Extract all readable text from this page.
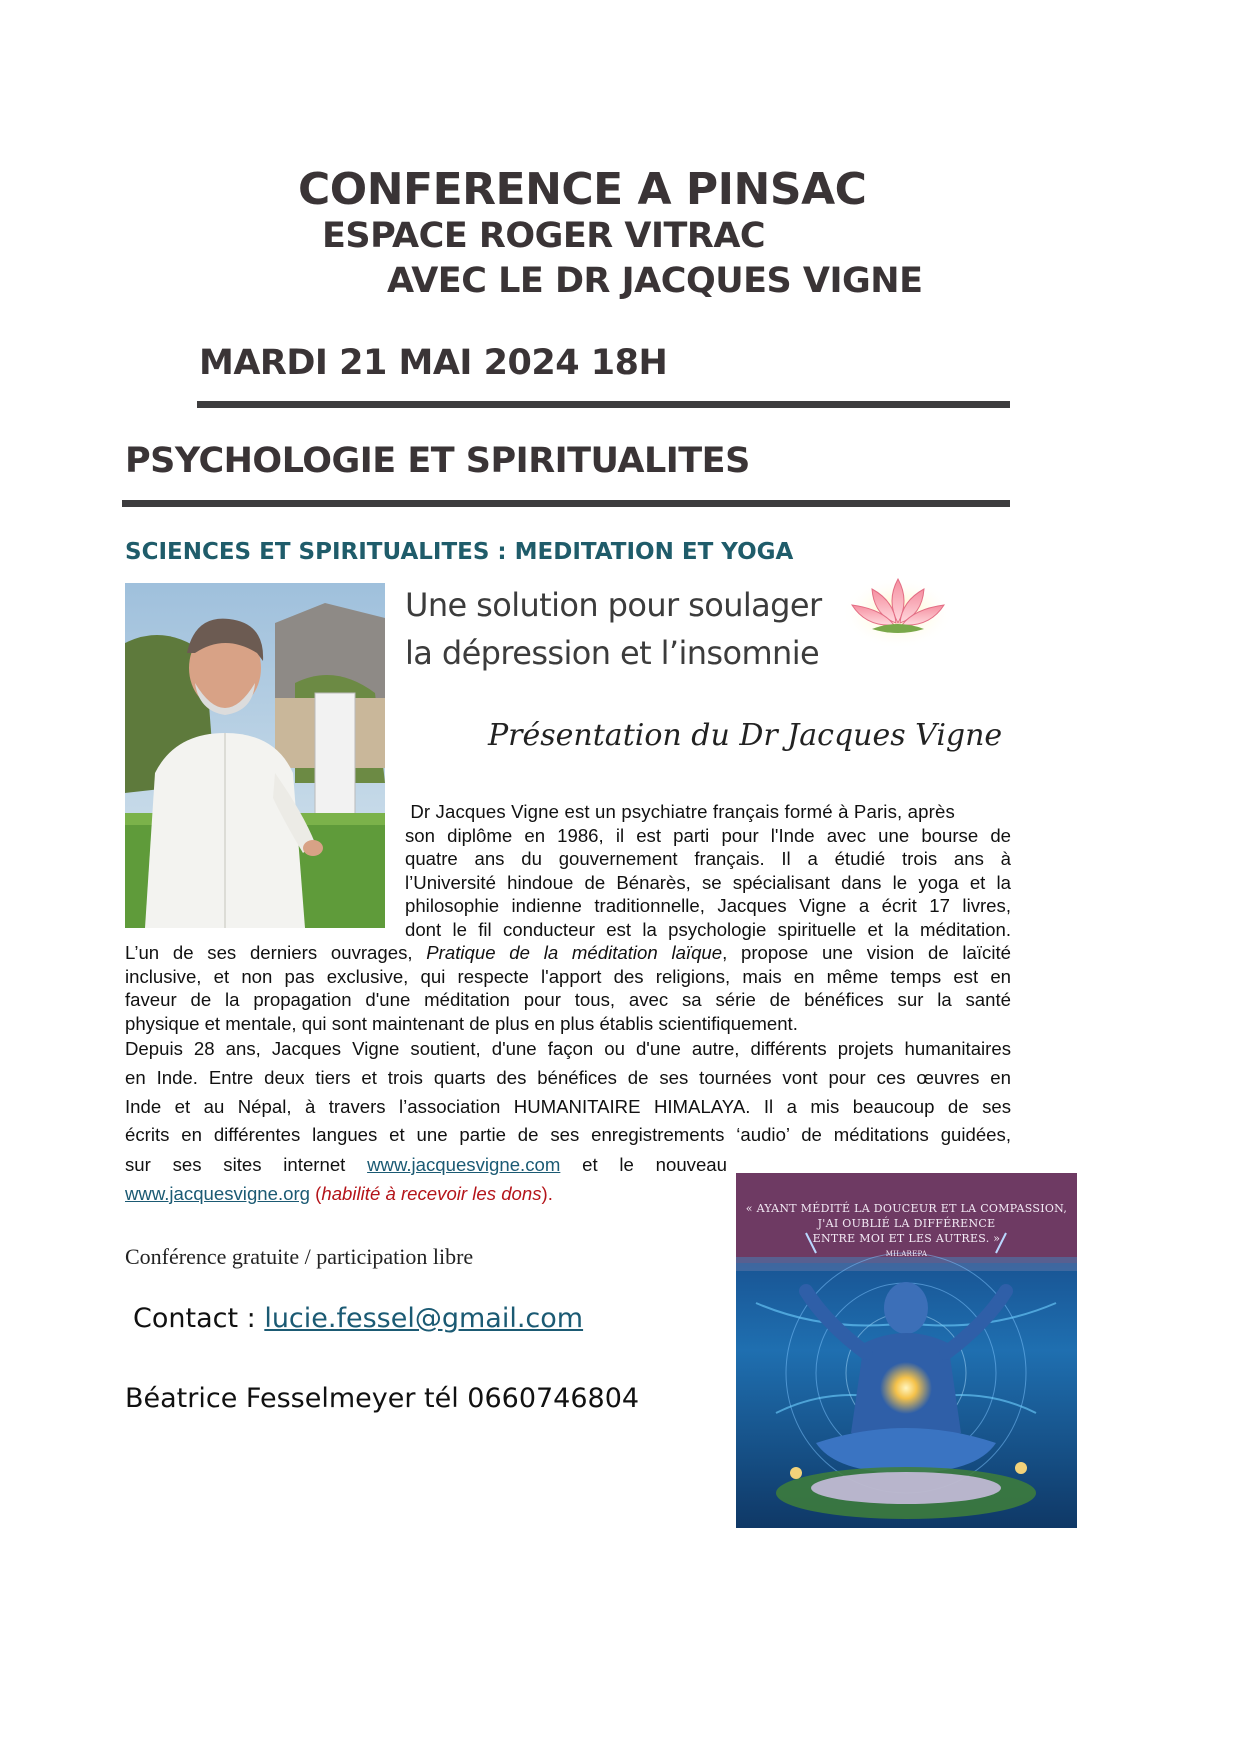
CONFERENCE A PINSAC
ESPACE ROGER VITRAC
AVEC LE DR JACQUES VIGNE
MARDI 21 MAI 2024 18H
PSYCHOLOGIE ET SPIRITUALITES
SCIENCES ET SPIRITUALITES : MEDITATION ET YOGA
Une solution pour soulager
la dépression et l’insomnie
Présentation du Dr Jacques Vigne
Dr Jacques Vigne est un psychiatre français formé à Paris, après
son diplôme en 1986, il est parti pour l'Inde avec une bourse de
quatre ans du gouvernement français. Il a étudié trois ans à
l’Université hindoue de Bénarès, se spécialisant dans le yoga et la
philosophie indienne traditionnelle, Jacques Vigne a écrit 17 livres,
dont le fil conducteur est la psychologie spirituelle et la méditation.
L’un de ses derniers ouvrages, Pratique de la méditation laïque, propose une vision de laïcité
inclusive, et non pas exclusive, qui respecte l'apport des religions, mais en même temps est en
faveur de la propagation d'une méditation pour tous, avec sa série de bénéfices sur la santé
physique et mentale, qui sont maintenant de plus en plus établis scientifiquement.
Depuis 28 ans, Jacques Vigne soutient, d'une façon ou d'une autre, différents projets humanitaires
en Inde. Entre deux tiers et trois quarts des bénéfices de ses tournées vont pour ces œuvres en
Inde et au Népal, à travers l’association HUMANITAIRE HIMALAYA. Il a mis beaucoup de ses
écrits en différentes langues et une partie de ses enregistrements ‘audio’ de méditations guidées,
sur ses sites internet www.jacquesvigne.com et le nouveau
www.jacquesvigne.org (habilité à recevoir les dons).
Conférence gratuite / participation libre
Contact : lucie.fessel@gmail.com
Béatrice Fesselmeyer tél 0660746804
« AYANT MÉDITÉ LA DOUCEUR ET LA COMPASSION,
J'AI OUBLIÉ LA DIFFÉRENCE
ENTRE MOI ET LES AUTRES. »
MILAREPA
